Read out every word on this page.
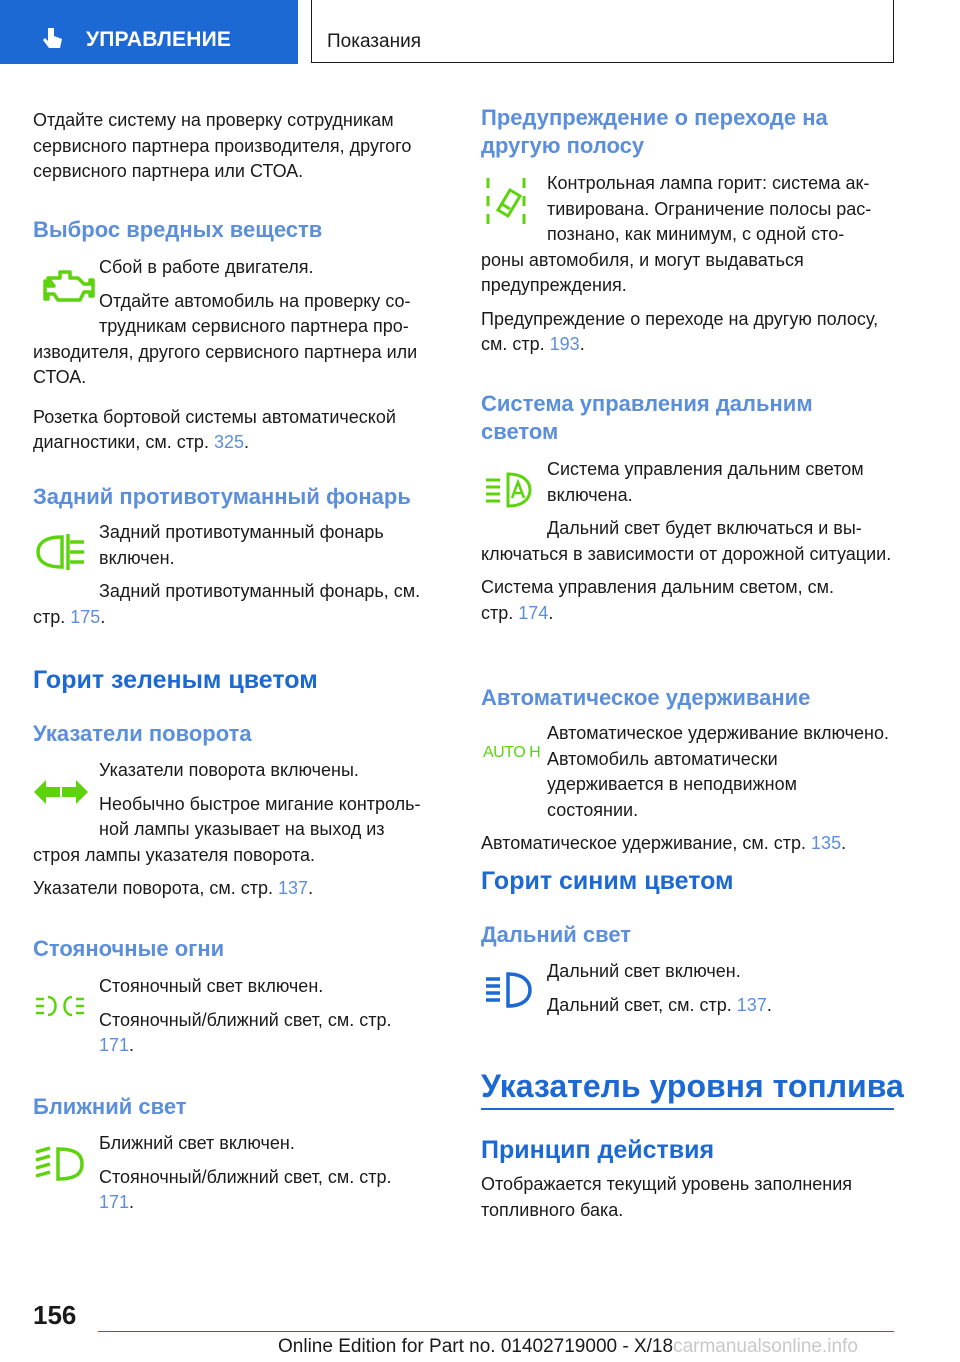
УПРАВЛЕНИЕ	Показания

Отдайте систему на проверку сотрудникам сервисного партнера производителя, другого сервисного партнера или СТОА.

Выброс вредных веществ

Сбой в работе двигателя.

Отдайте автомобиль на проверку со-

трудникам сервисного партнера про-

изводителя, другого сервисного партнера или СТОА.

Розетка бортовой системы автоматической диагностики, см. стр. 325.

Задний противотуманный фонарь

Задний противотуманный фонарь включен.

Задний противотуманный фонарь, см. стр. 175.

Горит зеленым цветом
Указатели поворота

Указатели поворота включены.

Необычно быстрое мигание контроль-

ной лампы указывает на выход из

строя лампы указателя поворота.

Указатели поворота, см. стр. 137.

Стояночные огни

Стояночный свет включен.

Стояночный/ближний свет, см. стр. 171.

Ближний свет

Ближний свет включен.

Стояночный/ближний свет, см. стр. 171.

Предупреждение о переходе на другую полосу

Контрольная лампа горит: система ак-

тивирована. Ограничение полосы рас-

познано, как минимум, с одной сто-

роны автомобиля, и могут выдаваться предупреждения.

Предупреждение о переходе на другую полосу, см. стр. 193.

Система управления дальним светом

Система управления дальним светом включена.

Дальний свет будет включаться и вы-

ключаться в зависимости от дорожной ситуации.

Система управления дальним светом, см. стр. 174.

Автоматическое удерживание
AUTO H

Автоматическое удерживание включено. Автомобиль автоматически удерживается в неподвижном состоянии.

Автоматическое удерживание, см. стр. 135.

Горит синим цветом
Дальний свет

Дальний свет включен.

Дальний свет, см. стр. 137.

Указатель уровня топлива
Принцип действия

Отображается текущий уровень заполнения топливного бака.

156
Online Edition for Part no. 01402719000 - X/18carmanualsonline.info
